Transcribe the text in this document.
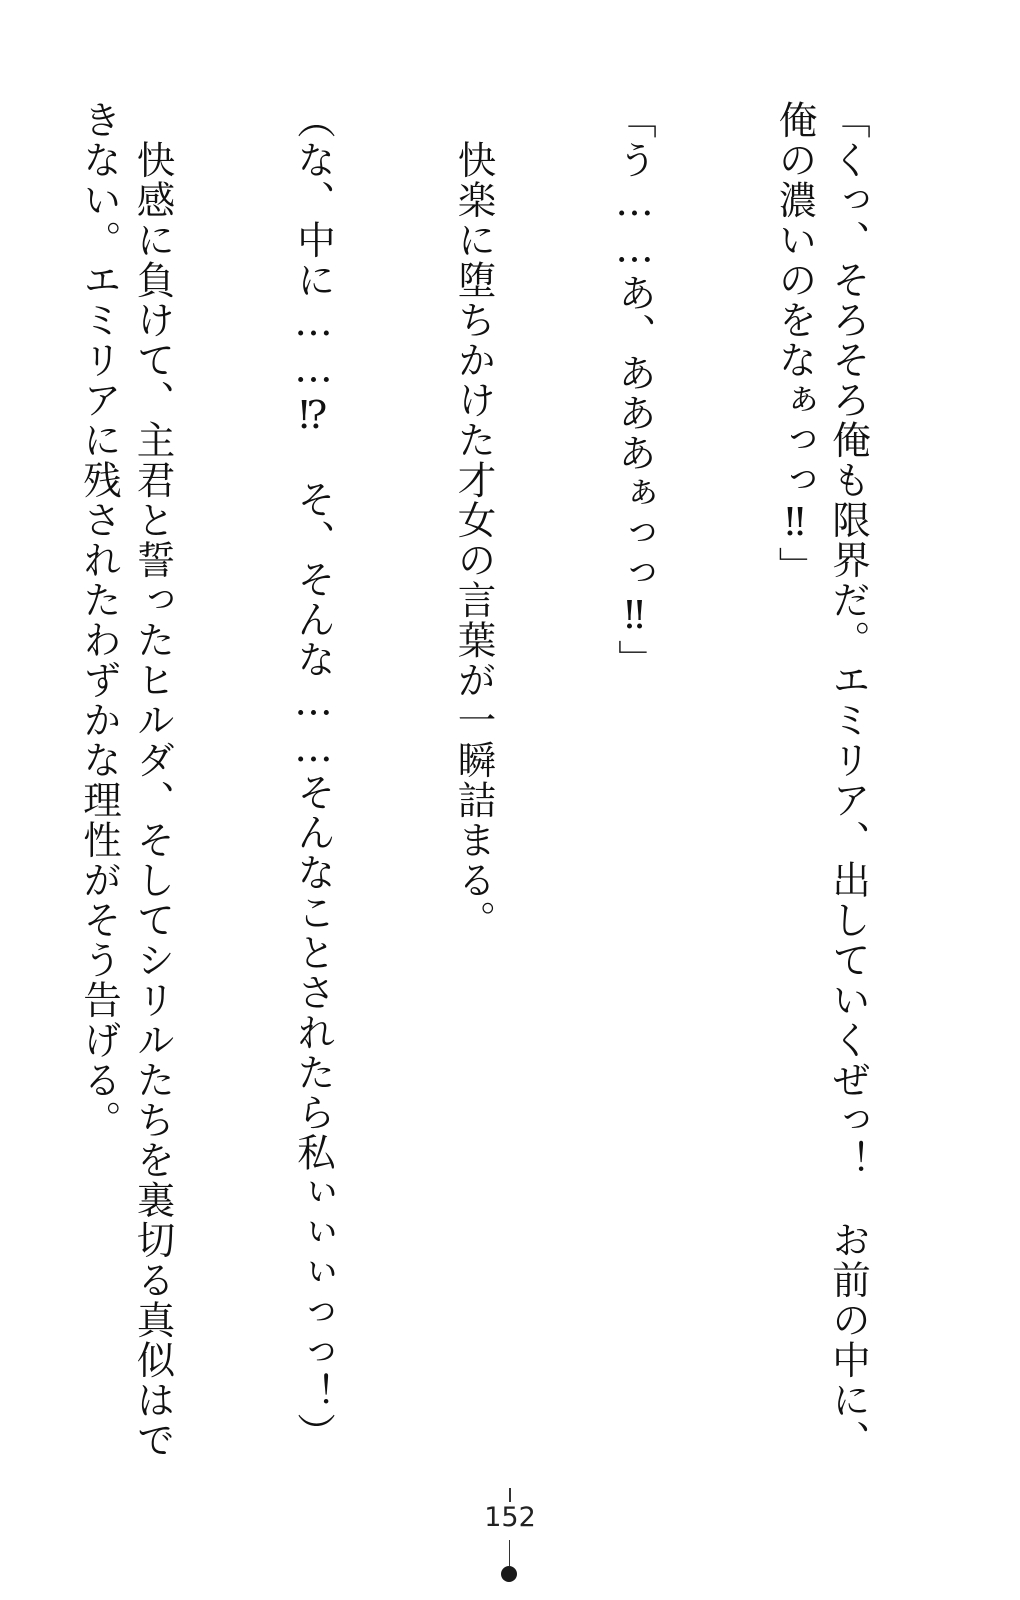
「くっ、そろそろ俺も限界だ。エミリア、出していくぜっ！　お前の中に、俺の濃いのをなぁっっ‼」

「う……あ、あああぁっっ‼」

　快楽に堕ちかけた才女の言葉が一瞬詰まる。

（な、中に……⁉　そ、そんな……そんなことされたら私ぃぃぃっっ！）

　快感に負けて、主君と誓ったヒルダ、そしてシリルたちを裏切る真似はできない。エミリアに残されたわずかな理性がそう告げる。

152
